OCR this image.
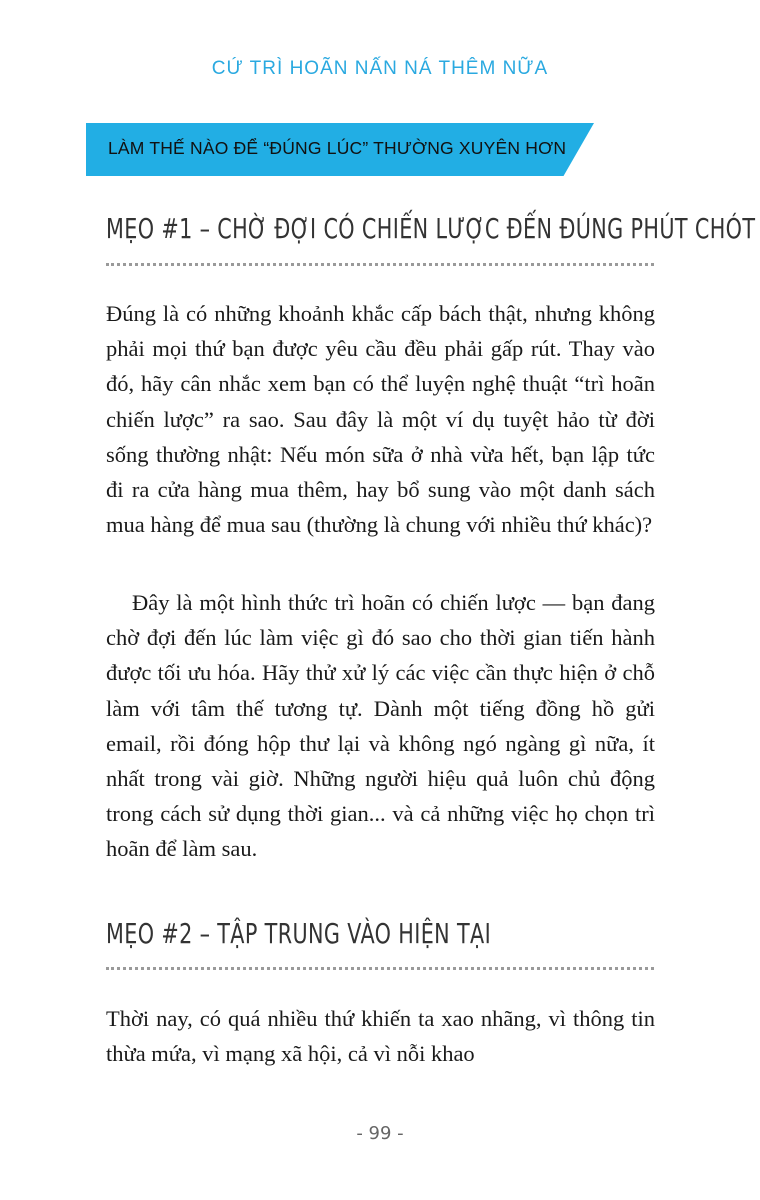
CỨ TRÌ HOÃN NẤN NÁ THÊM NỮA
LÀM THẾ NÀO ĐỂ “ĐÚNG LÚC” THƯỜNG XUYÊN HƠN
MẸO #1 – CHỜ ĐỢI CÓ CHIẾN LƯỢC ĐẾN ĐÚNG PHÚT CHÓT

Đúng là có những khoảnh khắc cấp bách thật, nhưng không phải mọi thứ bạn được yêu cầu đều phải gấp rút. Thay vào đó, hãy cân nhắc xem bạn có thể luyện nghệ thuật “trì hoãn chiến lược” ra sao. Sau đây là một ví dụ tuyệt hảo từ đời sống thường nhật: Nếu món sữa ở nhà vừa hết, bạn lập tức đi ra cửa hàng mua thêm, hay bổ sung vào một danh sách mua hàng để mua sau (thường là chung với nhiều thứ khác)?

Đây là một hình thức trì hoãn có chiến lược — bạn đang chờ đợi đến lúc làm việc gì đó sao cho thời gian tiến hành được tối ưu hóa. Hãy thử xử lý các việc cần thực hiện ở chỗ làm với tâm thế tương tự. Dành một tiếng đồng hồ gửi email, rồi đóng hộp thư lại và không ngó ngàng gì nữa, ít nhất trong vài giờ. Những người hiệu quả luôn chủ động trong cách sử dụng thời gian... và cả những việc họ chọn trì hoãn để làm sau.

MẸO #2 – TẬP TRUNG VÀO HIỆN TẠI

Thời nay, có quá nhiều thứ khiến ta xao nhãng, vì thông tin thừa mứa, vì mạng xã hội, cả vì nỗi khao

- 99 -
